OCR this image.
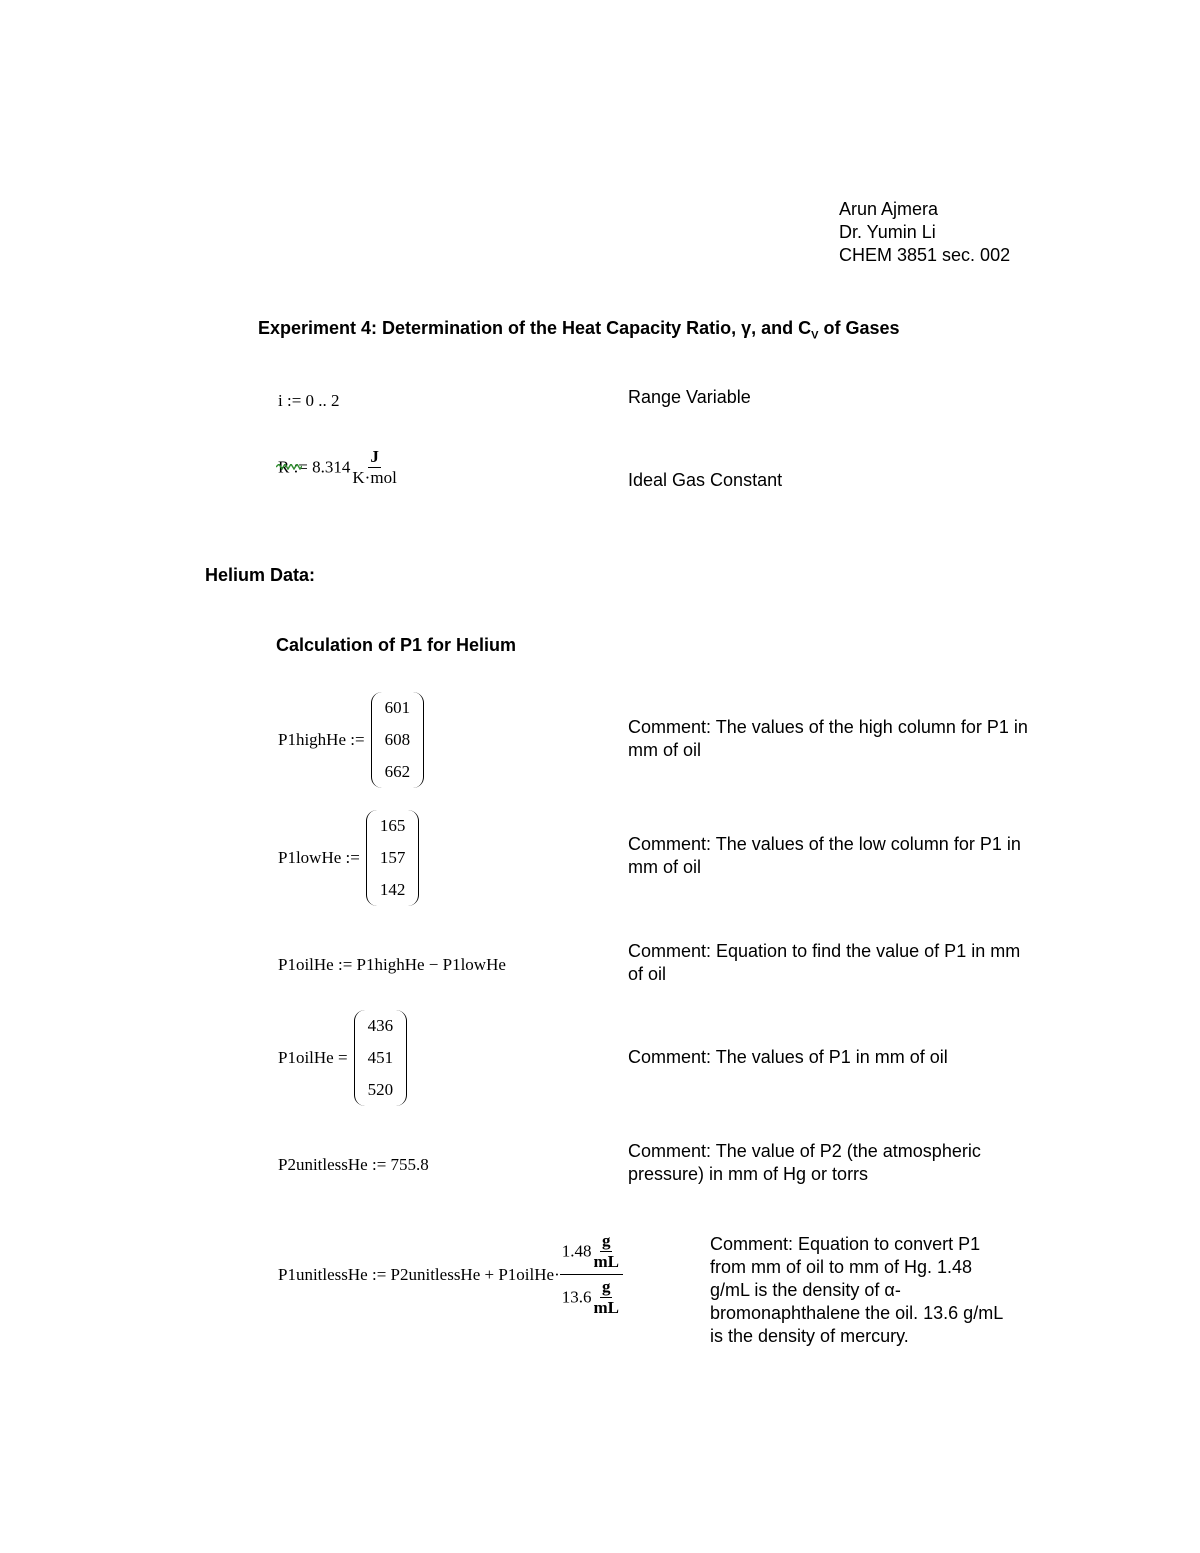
Arun Ajmera
Dr. Yumin Li
CHEM 3851 sec. 002
Experiment 4: Determination of the Heat Capacity Ratio, γ, and $C_V$ of Gases
i := 0 .. 2	Range Variable
R := $8.314 \frac{J}{\text{K·mol}}$	Ideal Gas Constant
Helium Data:
Calculation of P1 for Helium
P1highHe :=
601
608
662
Comment: The values of the high column for P1 in mm of oil
P1lowHe :=
165
157
142
Comment: The values of the low column for P1 in mm of oil
P1oilHe := P1highHe − P1lowHe
Comment: Equation to find the value of P1 in mm of oil
P1oilHe =
436
451
520
Comment: The values of P1 in mm of oil
P2unitlessHe := 755.8
Comment: The value of P2 (the atmospheric pressure) in mm of Hg or torrs
P1unitlessHe := P2unitlessHe + P1oilHe· $\frac{1.48 \frac{g}{mL}}{13.6 \frac{g}{mL}}$	Comment: Equation to convert P1 from mm of oil to mm of Hg. 1.48 g/mL is the density of α-bromonaphthalene the oil. 13.6 g/mL is the density of mercury.
